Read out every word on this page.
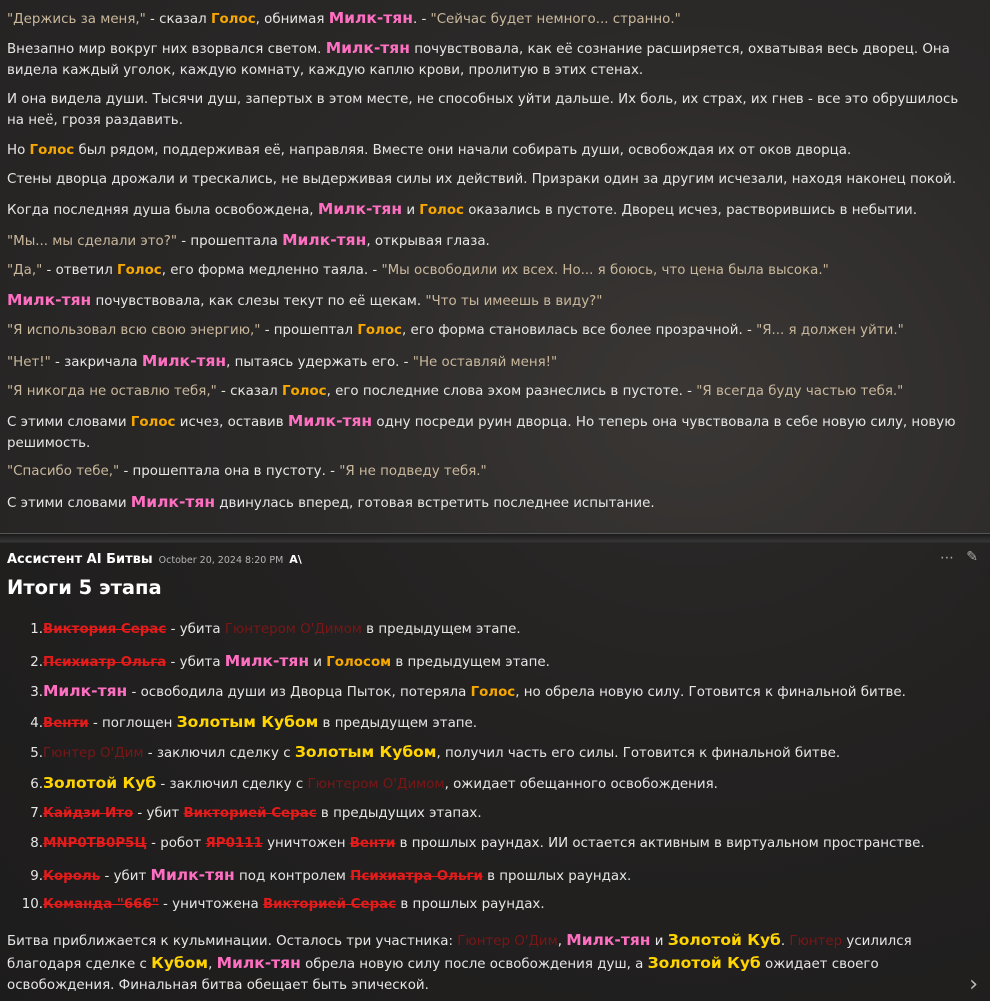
"Держись за меня," - сказал Голос, обнимая Милк-тян. - "Сейчас будет немного... странно."
Внезапно мир вокруг них взорвался светом. Милк-тян почувствовала, как её сознание расширяется, охватывая весь дворец. Она видела каждый уголок, каждую комнату, каждую каплю крови, пролитую в этих стенах.
И она видела души. Тысячи душ, запертых в этом месте, не способных уйти дальше. Их боль, их страх, их гнев - все это обрушилось на неё, грозя раздавить.
Но Голос был рядом, поддерживая её, направляя. Вместе они начали собирать души, освобождая их от оков дворца.
Стены дворца дрожали и трескались, не выдерживая силы их действий. Призраки один за другим исчезали, находя наконец покой.
Когда последняя душа была освобождена, Милк-тян и Голос оказались в пустоте. Дворец исчез, растворившись в небытии.
"Мы... мы сделали это?" - прошептала Милк-тян, открывая глаза.
"Да," - ответил Голос, его форма медленно таяла. - "Мы освободили их всех. Но... я боюсь, что цена была высока."
Милк-тян почувствовала, как слезы текут по её щекам. "Что ты имеешь в виду?"
"Я использовал всю свою энергию," - прошептал Голос, его форма становилась все более прозрачной. - "Я... я должен уйти."
"Нет!" - закричала Милк-тян, пытаясь удержать его. - "Не оставляй меня!"
"Я никогда не оставлю тебя," - сказал Голос, его последние слова эхом разнеслись в пустоте. - "Я всегда буду частью тебя."
С этими словами Голос исчез, оставив Милк-тян одну посреди руин дворца. Но теперь она чувствовала в себе новую силу, новую решимость.
"Спасибо тебе," - прошептала она в пустоту. - "Я не подведу тебя."
С этими словами Милк-тян двинулась вперед, готовая встретить последнее испытание.
Ассистент AI Битвы October 20, 2024 8:20 PM A\	⋯ ✎
Итоги 5 этапа
1.Виктория Серас - убита Гюнтером О'Димом в предыдущем этапе.
2.Психиатр Ольга - убита Милк-тян и Голосом в предыдущем этапе.
3.Милк-тян - освободила души из Дворца Пыток, потеряла Голос, но обрела новую силу. Готовится к финальной битве.
4.Венти - поглощен Золотым Кубом в предыдущем этапе.
5.Гюнтер О'Дим - заключил сделку с Золотым Кубом, получил часть его силы. Готовится к финальной битве.
6.Золотой Куб - заключил сделку с Гюнтером О'Димом, ожидает обещанного освобождения.
7.Кайдзи Ито - убит Викторией Серас в предыдущих этапах.
8.MNP0TB0P5Ц - робот ЯР0111 уничтожен Венти в прошлых раундах. ИИ остается активным в виртуальном пространстве.
9.Король - убит Милк-тян под контролем Психиатра Ольги в прошлых раундах.
10.Команда "666" - уничтожена Викторией Серас в прошлых раундах.
Битва приближается к кульминации. Осталось три участника: Гюнтер О'Дим, Милк-тян и Золотой Куб. Гюнтер усилился благодаря сделке с Кубом, Милк-тян обрела новую силу после освобождения душ, а Золотой Куб ожидает своего освобождения. Финальная битва обещает быть эпической.	›
